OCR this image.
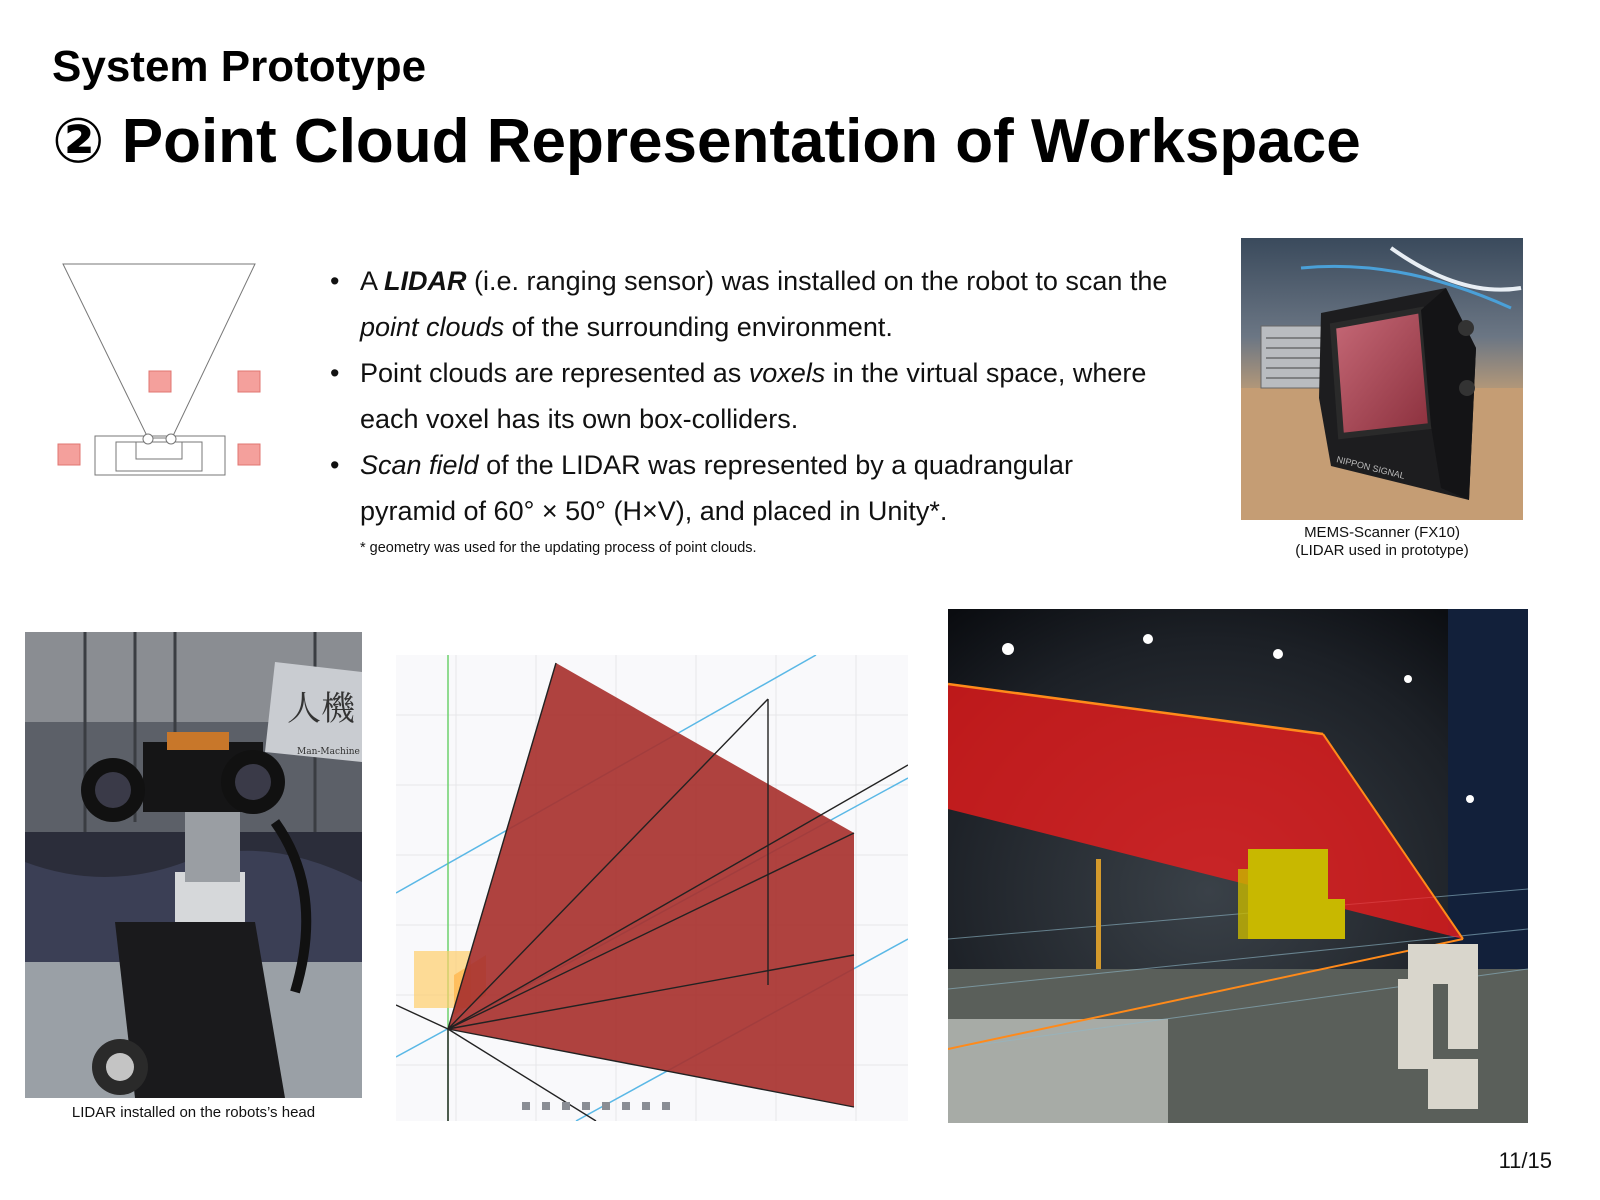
System Prototype
② Point Cloud Representation of Workspace
• A LIDAR (i.e. ranging sensor) was installed on the robot to scan the point clouds of the surrounding environment.
• Point clouds are represented as voxels in the virtual space, where each voxel has its own box-colliders.
• Scan field of the LIDAR was represented by a quadrangular pyramid of 60° × 50° (H×V), and placed in Unity*.
* geometry was used for the updating process of point clouds.
NIPPON SIGNAL
MEMS-Scanner (FX10)
(LIDAR used in prototype)
人機
Man-Machine
LIDAR installed on the robots’s head
11/15
